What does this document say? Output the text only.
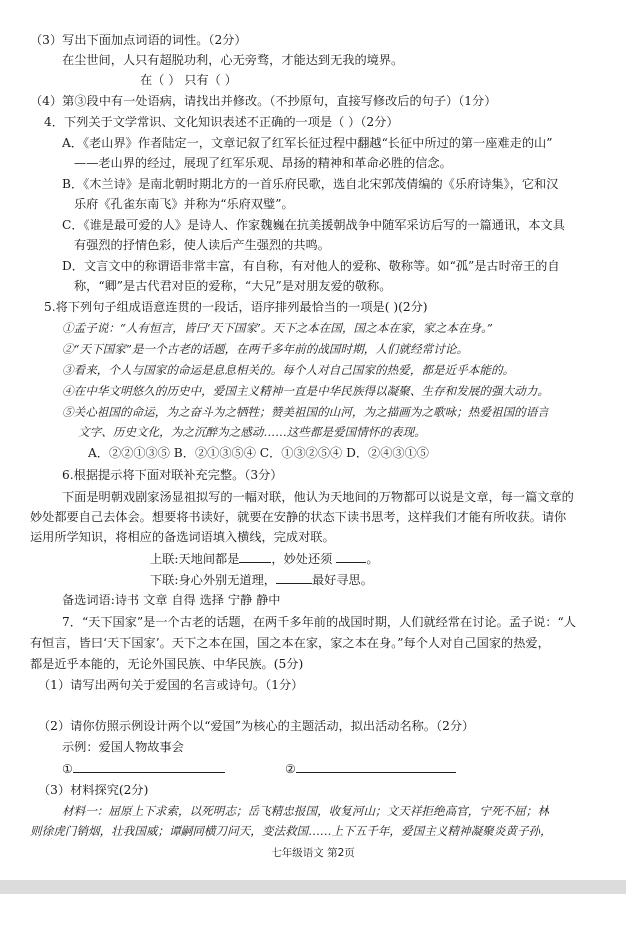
（3）写出下面加点词语的词性。（2分）
在尘世间，人只有超脱功利，心无旁骛，才能达到无我的境界。
在（ ） 只有（ ）
（4）第③段中有一处语病，请找出并修改。（不抄原句，直接写修改后的句子）（1分）
4．下列关于文学常识、文化知识表述不正确的一项是（ ）（2分）
A．《老山界》作者陆定一，文章记叙了红军长征过程中翻越“长征中所过的第一座难走的山”
——老山界的经过，展现了红军乐观、昂扬的精神和革命必胜的信念。
B．《木兰诗》是南北朝时期北方的一首乐府民歌，选自北宋郭茂倩编的《乐府诗集》，它和汉
乐府《孔雀东南飞》并称为“乐府双璧”。
C．《谁是最可爱的人》是诗人、作家魏巍在抗美援朝战争中随军采访后写的一篇通讯，本文具
有强烈的抒情色彩，使人读后产生强烈的共鸣。
D．文言文中的称谓语非常丰富，有自称，有对他人的爱称、敬称等。如“孤”是古时帝王的自
称，“卿”是古代君对臣的爱称，“大兄”是对朋友爱的敬称。
5.将下列句子组成语意连贯的一段话，语序排列最恰当的一项是( )(2分)
①孟子说：“人有恒言，皆曰‘天下国家’。天下之本在国，国之本在家，家之本在身。”
②“天下国家”是一个古老的话题，在两千多年前的战国时期，人们就经常讨论。
③看来，个人与国家的命运是息息相关的。每个人对自己国家的热爱，都是近乎本能的。
④在中华文明悠久的历史中，爱国主义精神一直是中华民族得以凝聚、生存和发展的强大动力。
⑤关心祖国的命运，为之奋斗为之牺牲；赞美祖国的山河，为之描画为之歌咏；热爱祖国的语言
文字、历史文化，为之沉醉为之感动……这些都是爱国情怀的表现。
A．②②①③⑤ B．②①③⑤④ C．①③②⑤④ D．②④③①⑤
6.根据提示将下面对联补充完整。（3分）
下面是明朝戏剧家汤显祖拟写的一幅对联，他认为天地间的万物都可以说是文章，每一篇文章的
妙处都要自己去体会。想要将书读好，就要在安静的状态下读书思考，这样我们才能有所收获。请你
运用所学知识，将相应的备选词语填入横线，完成对联。
上联:天地间都是	，妙处还须	。
下联:身心外别无道理，	最好寻思。
备选词语:诗书 文章 自得 选择 宁静 静中
7．“天下国家”是一个古老的话题，在两千多年前的战国时期，人们就经常在讨论。孟子说：“人
有恒言，皆曰‘天下国家’。天下之本在国，国之本在家，家之本在身。”每个人对自己国家的热爱，
都是近乎本能的，无论外国民族、中华民族。(5分)
（1）请写出两句关于爱国的名言或诗句。（1分）
（2）请你仿照示例设计两个以“爱国”为核心的主题活动，拟出活动名称。（2分）
示例：爱国人物故事会
①	②
（3）材料探究(2分)
材料一：屈原上下求索，以死明志；岳飞精忠报国，收复河山；文天祥拒绝高官，宁死不屈；林
则徐虎门销烟，壮我国威；谭嗣同横刀问天，变法救国……上下五千年，爱国主义精神凝聚炎黄子孙，
七年级语文 第2页
